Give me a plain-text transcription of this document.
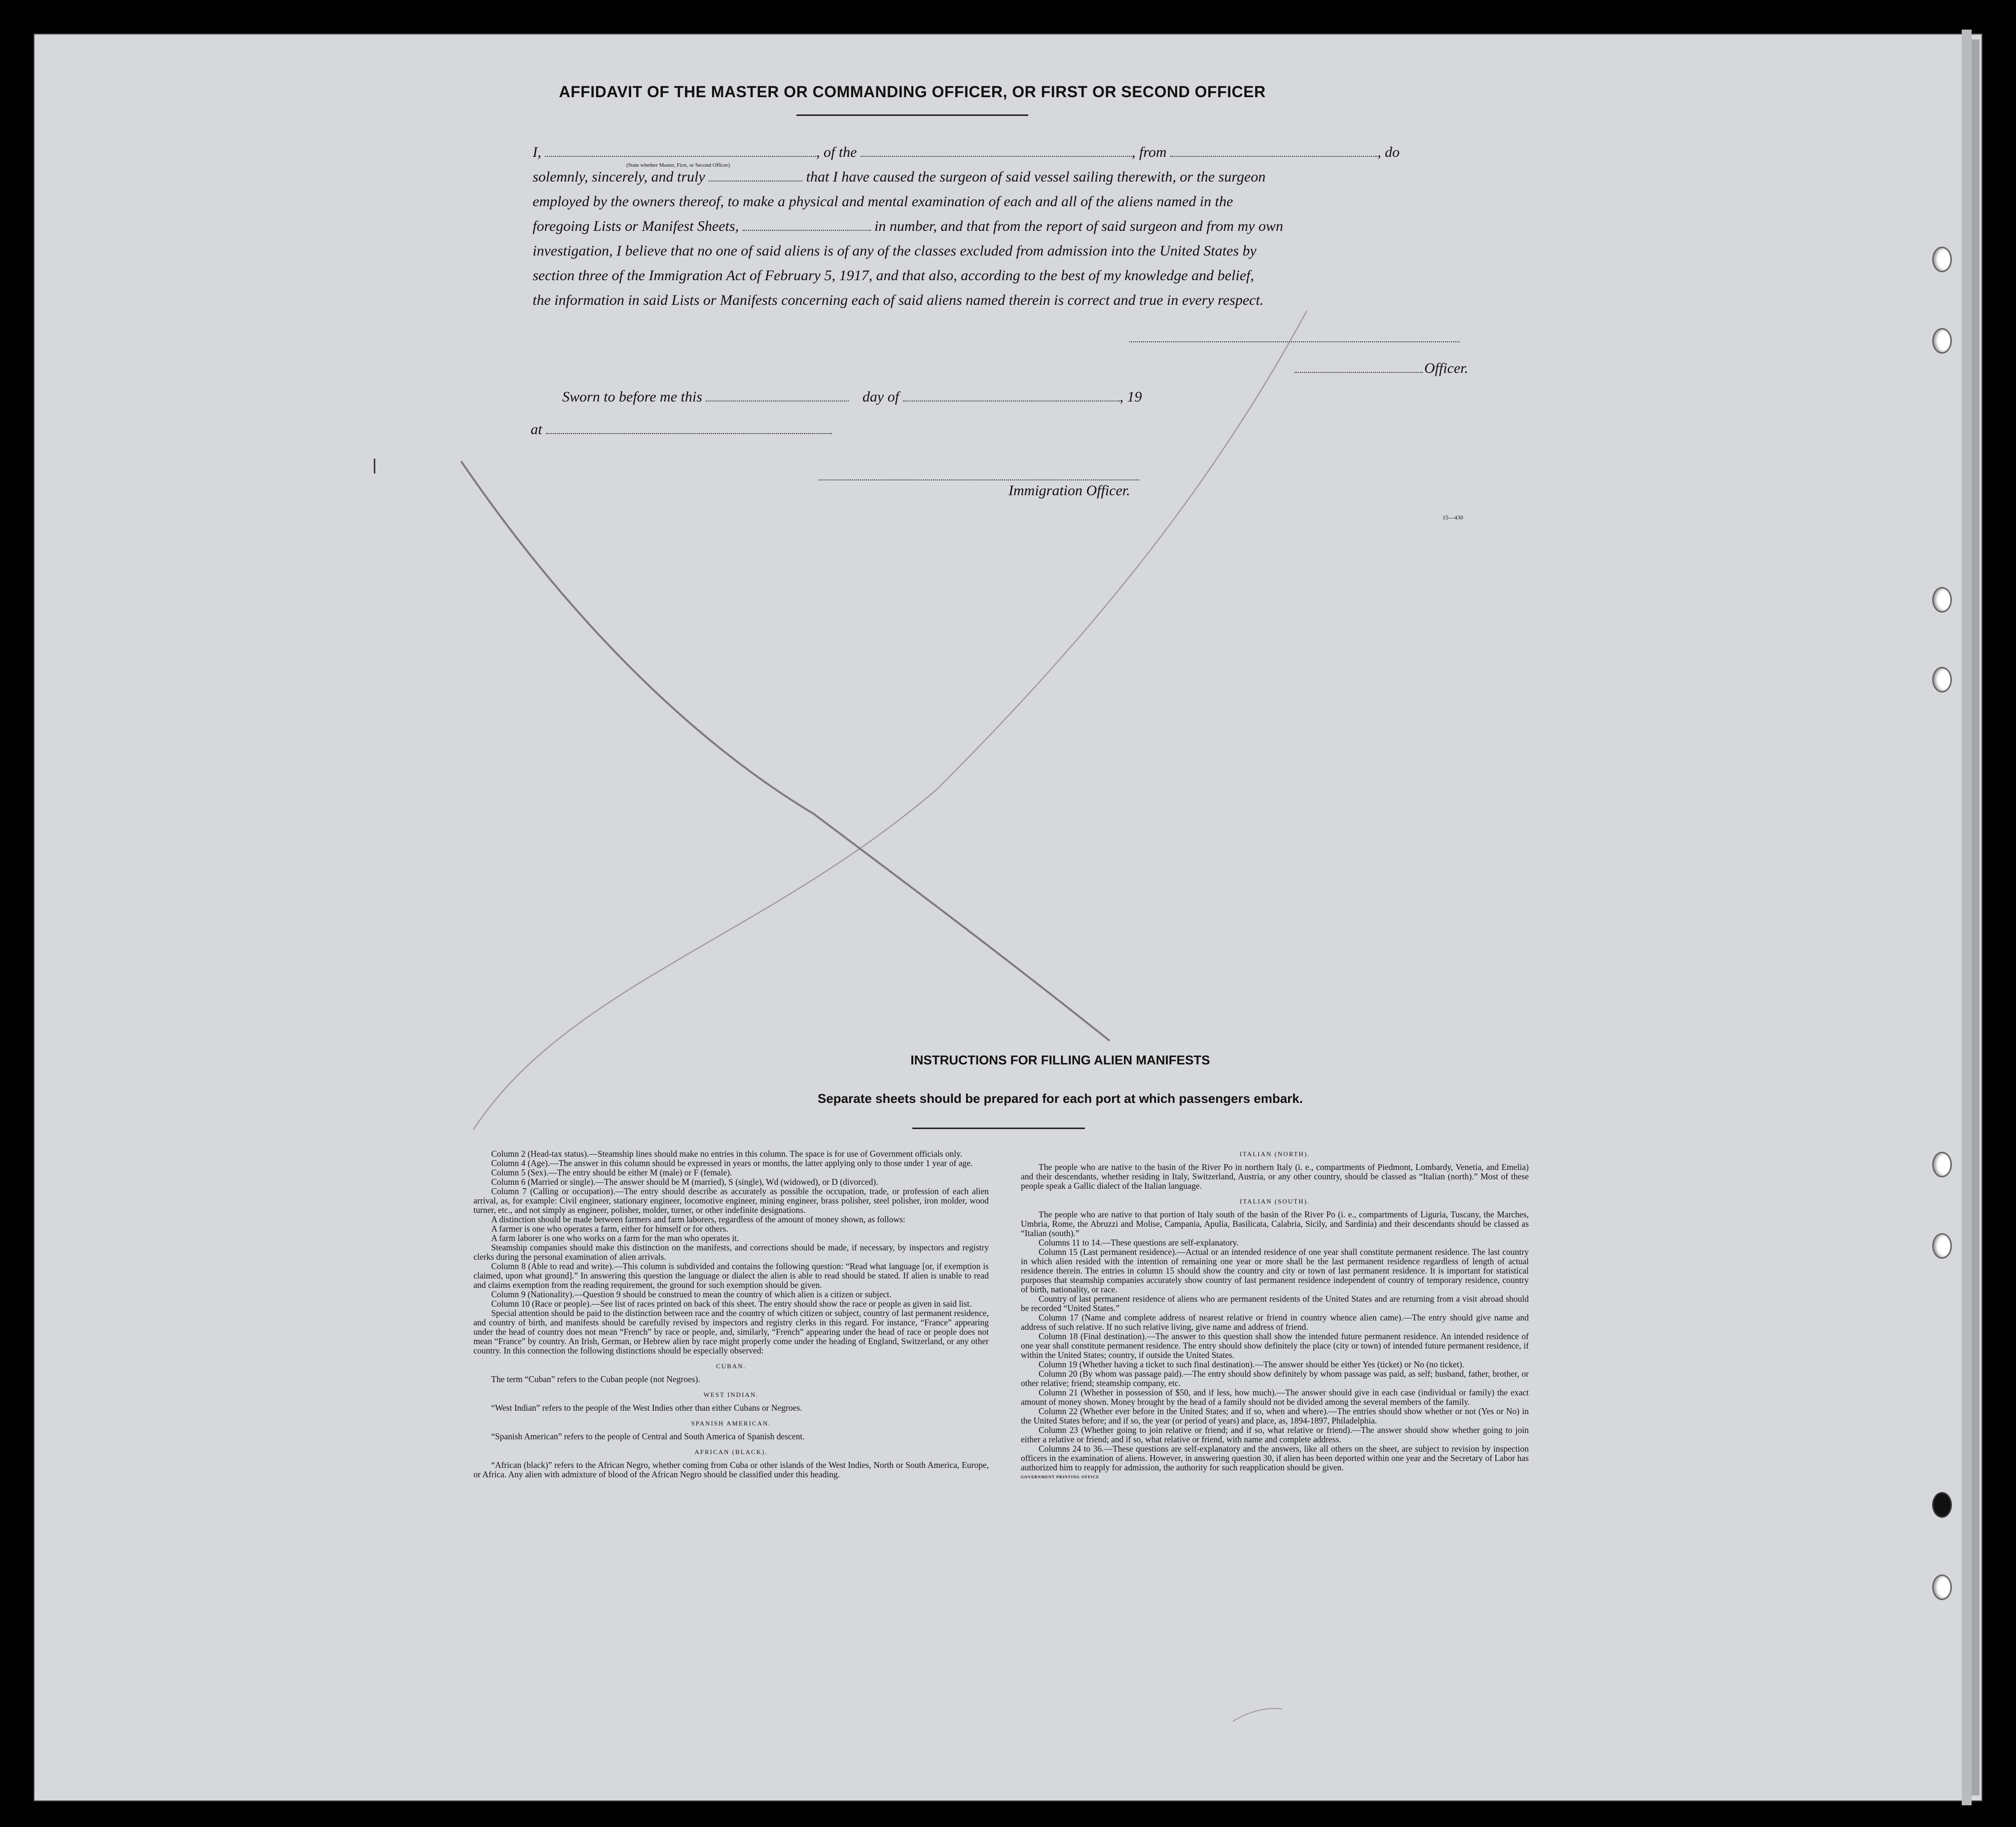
AFFIDAVIT OF THE MASTER OR COMMANDING OFFICER, OR FIRST OR SECOND OFFICER
I,	, of the	, from	, do
(State whether Master, First, or Second Officer)
solemnly, sincerely, and truly	that I have caused the surgeon of said vessel sailing therewith, or the surgeon
employed by the owners thereof, to make a physical and mental examination of each and all of the aliens named in the
foregoing Lists or Manifest Sheets,	in number, and that from the report of said surgeon and from my own
investigation, I believe that no one of said aliens is of any of the classes excluded from admission into the United States by
section three of the Immigration Act of February 5, 1917, and that also, according to the best of my knowledge and belief,
the information in said Lists or Manifests concerning each of said aliens named therein is correct and true in every respect.
Officer.
Sworn to before me this	day of	, 19
at
Immigration Officer.
15—430
INSTRUCTIONS FOR FILLING ALIEN MANIFESTS
Separate sheets should be prepared for each port at which passengers embark.

Column 2 (Head-tax status).—Steamship lines should make no entries in this column. The space is for use of Government officials only.

Column 4 (Age).—The answer in this column should be expressed in years or months, the latter applying only to those under 1 year of age.

Column 5 (Sex).—The entry should be either M (male) or F (female).

Column 6 (Married or single).—The answer should be M (married), S (single), Wd (widowed), or D (divorced).

Column 7 (Calling or occupation).—The entry should describe as accurately as possible the occupation, trade, or profession of each alien arrival, as, for example: Civil engineer, stationary engineer, locomotive engineer, mining engineer, brass polisher, steel polisher, iron molder, wood turner, etc., and not simply as engineer, polisher, molder, turner, or other indefinite designations.

A distinction should be made between farmers and farm laborers, regardless of the amount of money shown, as follows:

A farmer is one who operates a farm, either for himself or for others.

A farm laborer is one who works on a farm for the man who operates it.

Steamship companies should make this distinction on the manifests, and corrections should be made, if necessary, by inspectors and registry clerks during the personal examination of alien arrivals.

Column 8 (Able to read and write).—This column is subdivided and contains the following question: “Read what language [or, if exemption is claimed, upon what ground].” In answering this question the language or dialect the alien is able to read should be stated. If alien is unable to read and claims exemption from the reading requirement, the ground for such exemption should be given.

Column 9 (Nationality).—Question 9 should be construed to mean the country of which alien is a citizen or subject.

Column 10 (Race or people).—See list of races printed on back of this sheet. The entry should show the race or people as given in said list.

Special attention should be paid to the distinction between race and the country of which citizen or subject, country of last permanent residence, and country of birth, and manifests should be carefully revised by inspectors and registry clerks in this regard. For instance, “France” appearing under the head of country does not mean “French” by race or people, and, similarly, “French” appearing under the head of race or people does not mean “France” by country. An Irish, German, or Hebrew alien by race might properly come under the heading of England, Switzerland, or any other country. In this connection the following distinctions should be especially observed:

CUBAN.

The term “Cuban” refers to the Cuban people (not Negroes).

WEST INDIAN.

“West Indian” refers to the people of the West Indies other than either Cubans or Negroes.

SPANISH AMERICAN.

“Spanish American” refers to the people of Central and South America of Spanish descent.

AFRICAN (BLACK).

“African (black)” refers to the African Negro, whether coming from Cuba or other islands of the West Indies, North or South America, Europe, or Africa. Any alien with admixture of blood of the African Negro should be classified under this heading.

ITALIAN (NORTH).

The people who are native to the basin of the River Po in northern Italy (i. e., compartments of Piedmont, Lombardy, Venetia, and Emelia) and their descendants, whether residing in Italy, Switzerland, Austria, or any other country, should be classed as “Italian (north).” Most of these people speak a Gallic dialect of the Italian language.

ITALIAN (SOUTH).

The people who are native to that portion of Italy south of the basin of the River Po (i. e., compartments of Liguria, Tuscany, the Marches, Umbria, Rome, the Abruzzi and Molise, Campania, Apulia, Basilicata, Calabria, Sicily, and Sardinia) and their descendants should be classed as “Italian (south).”

Columns 11 to 14.—These questions are self-explanatory.

Column 15 (Last permanent residence).—Actual or an intended residence of one year shall constitute permanent residence. The last country in which alien resided with the intention of remaining one year or more shall be the last permanent residence regardless of length of actual residence therein. The entries in column 15 should show the country and city or town of last permanent residence. It is important for statistical purposes that steamship companies accurately show country of last permanent residence independent of country of temporary residence, country of birth, nationality, or race.

Country of last permanent residence of aliens who are permanent residents of the United States and are returning from a visit abroad should be recorded “United States.”

Column 17 (Name and complete address of nearest relative or friend in country whence alien came).—The entry should give name and address of such relative. If no such relative living, give name and address of friend.

Column 18 (Final destination).—The answer to this question shall show the intended future permanent residence. An intended residence of one year shall constitute permanent residence. The entry should show definitely the place (city or town) of intended future permanent residence, if within the United States; country, if outside the United States.

Column 19 (Whether having a ticket to such final destination).—The answer should be either Yes (ticket) or No (no ticket).

Column 20 (By whom was passage paid).—The entry should show definitely by whom passage was paid, as self; husband, father, brother, or other relative; friend; steamship company, etc.

Column 21 (Whether in possession of $50, and if less, how much).—The answer should give in each case (individual or family) the exact amount of money shown. Money brought by the head of a family should not be divided among the several members of the family.

Column 22 (Whether ever before in the United States; and if so, when and where).—The entries should show whether or not (Yes or No) in the United States before; and if so, the year (or period of years) and place, as, 1894-1897, Philadelphia.

Column 23 (Whether going to join relative or friend; and if so, what relative or friend).—The answer should show whether going to join either a relative or friend; and if so, what relative or friend, with name and complete address.

Columns 24 to 36.—These questions are self-explanatory and the answers, like all others on the sheet, are subject to revision by inspection officers in the examination of aliens. However, in answering question 30, if alien has been deported within one year and the Secretary of Labor has authorized him to reapply for admission, the authority for such reapplication should be given.

GOVERNMENT PRINTING OFFICE
